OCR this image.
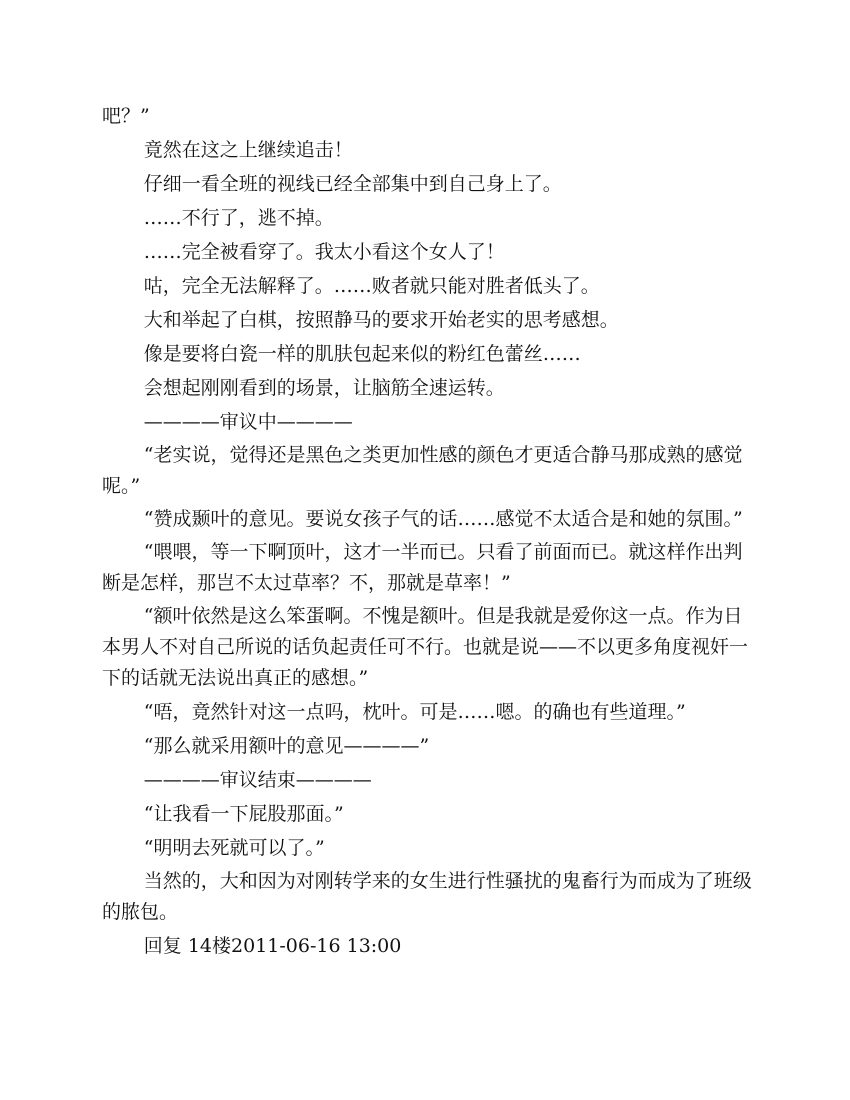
吧？”

竟然在这之上继续追击！

仔细一看全班的视线已经全部集中到自己身上了。

……不行了，逃不掉。

……完全被看穿了。我太小看这个女人了！

咕，完全无法解释了。……败者就只能对胜者低头了。

大和举起了白棋，按照静马的要求开始老实的思考感想。

像是要将白瓷一样的肌肤包起来似的粉红色蕾丝……

会想起刚刚看到的场景，让脑筋全速运转。

————审议中————

“老实说，觉得还是黑色之类更加性感的颜色才更适合静马那成熟的感觉呢。”

“赞成颞叶的意见。要说女孩子气的话……感觉不太适合是和她的氛围。”

“喂喂，等一下啊顶叶，这才一半而已。只看了前面而已。就这样作出判断是怎样，那岂不太过草率？不，那就是草率！”

“额叶依然是这么笨蛋啊。不愧是额叶。但是我就是爱你这一点。作为日本男人不对自己所说的话负起责任可不行。也就是说——不以更多角度视奸一下的话就无法说出真正的感想。”

“唔，竟然针对这一点吗，枕叶。可是……嗯。的确也有些道理。”

“那么就采用额叶的意见————”

————审议结束————

“让我看一下屁股那面。”

“明明去死就可以了。”

当然的，大和因为对刚转学来的女生进行性骚扰的鬼畜行为而成为了班级的脓包。

回复 14楼2011-06-16 13:00
